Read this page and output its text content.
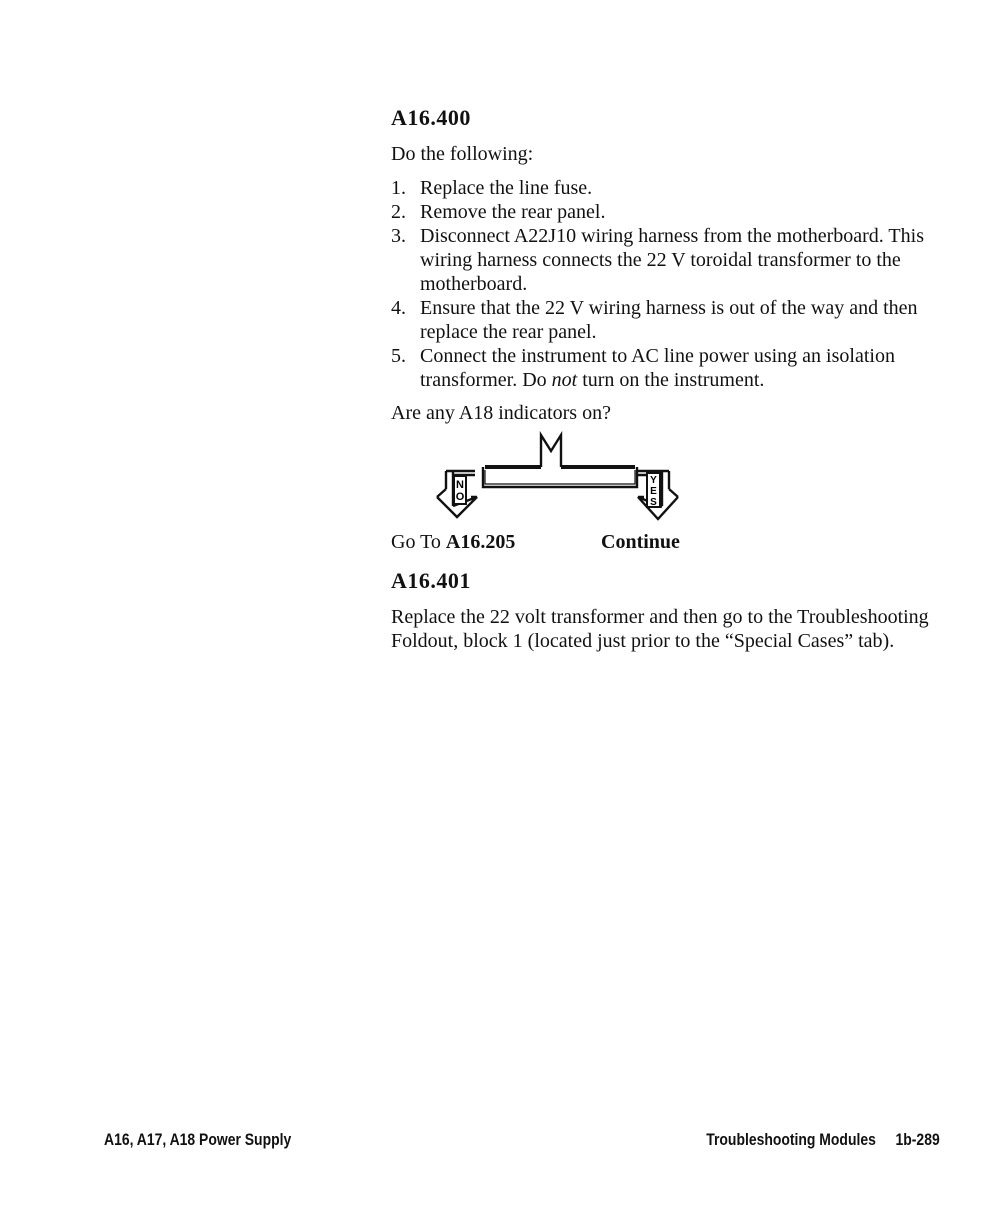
A16.400

Do the following:

1. Replace the line fuse.
2. Remove the rear panel.
3. Disconnect A22J10 wiring harness from the motherboard. This wiring harness connects the 22 V toroidal transformer to the motherboard.
4. Ensure that the 22 V wiring harness is out of the way and then replace the rear panel.
5. Connect the instrument to AC line power using an isolation transformer. Do not turn on the instrument.

Are any A18 indicators on?

N
O
Y
E
S
Go To A16.205	Continue
A16.401

Replace the 22 volt transformer and then go to the Troubleshooting Foldout, block 1 (located just prior to the “Special Cases” tab).

A16, A17, A18 Power Supply	Troubleshooting Modules 1b-289
